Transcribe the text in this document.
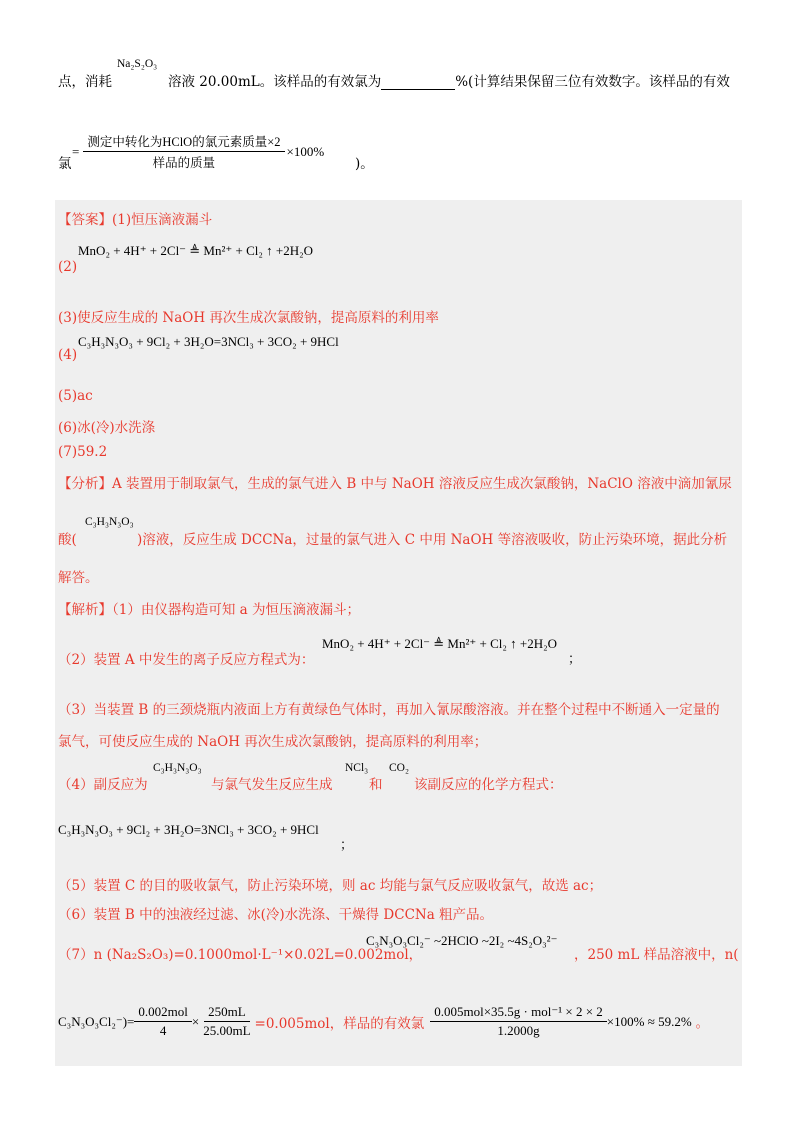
点，消耗
Na₂S₂O₃
溶液 20.00mL。该样品的有效氯为	%(计算结果保留三位有效数字。该样品的有效
氯
= $\frac{\text{测定中转化为HClO的氯元素质量×2}}{\text{样品的质量}} \times 100\%$
)。
【答案】(1)恒压滴液漏斗
MnO₂ + 4H⁺ + 2Cl⁻ ≜ Mn²⁺ + Cl₂ ↑ +2H₂O
(2)
(3)使反应生成的 NaOH 再次生成次氯酸钠，提高原料的利用率
C₃H₃N₃O₃ + 9Cl₂ + 3H₂O=3NCl₃ + 3CO₂ + 9HCl
(4)
(5)ac
(6)冰(冷)水洗涤
(7)59.2
【分析】A 装置用于制取氯气，生成的氯气进入 B 中与 NaOH 溶液反应生成次氯酸钠，NaClO 溶液中滴加氰尿
酸(
C₃H₃N₃O₃
)溶液，反应生成 DCCNa，过量的氯气进入 C 中用 NaOH 等溶液吸收，防止污染环境，据此分析
解答。
【解析】（1）由仪器构造可知 a 为恒压滴液漏斗；
（2）装置 A 中发生的离子反应方程式为：
MnO₂ + 4H⁺ + 2Cl⁻ ≜ Mn²⁺ + Cl₂ ↑ +2H₂O
；
（3）当装置 B 的三颈烧瓶内液面上方有黄绿色气体时，再加入氰尿酸溶液。并在整个过程中不断通入一定量的
氯气，可使反应生成的 NaOH 再次生成次氯酸钠，提高原料的利用率；
（4）副反应为
C₃H₃N₃O₃
与氯气发生反应生成
NCl₃
和
CO₂
该副反应的化学方程式：
C₃H₃N₃O₃ + 9Cl₂ + 3H₂O=3NCl₃ + 3CO₂ + 9HCl
；
（5）装置 C 的目的吸收氯气，防止污染环境，则 ac 均能与氯气反应吸收氯气，故选 ac；
（6）装置 B 中的浊液经过滤、冰(冷)水洗涤、干燥得 DCCNa 粗产品。
（7）n (Na₂S₂O₃)=0.1000mol·L⁻¹×0.02L=0.002mol，
C₃N₃O₃Cl₂⁻ ~2HClO ~2I₂ ~4S₂O₃²⁻
，250 mL 样品溶液中，n(
$C_3N_3O_3Cl_2^-)= \frac{\text{0.002mol}}{4} \times \frac{250mL}{25.00mL} =0.005mol$，样品的有效氯 $\frac{\text{0.005mol×35.5g · mol⁻¹ × 2 × 2}}{1.2000g} \times 100\% \approx 59.2\%$ 。
